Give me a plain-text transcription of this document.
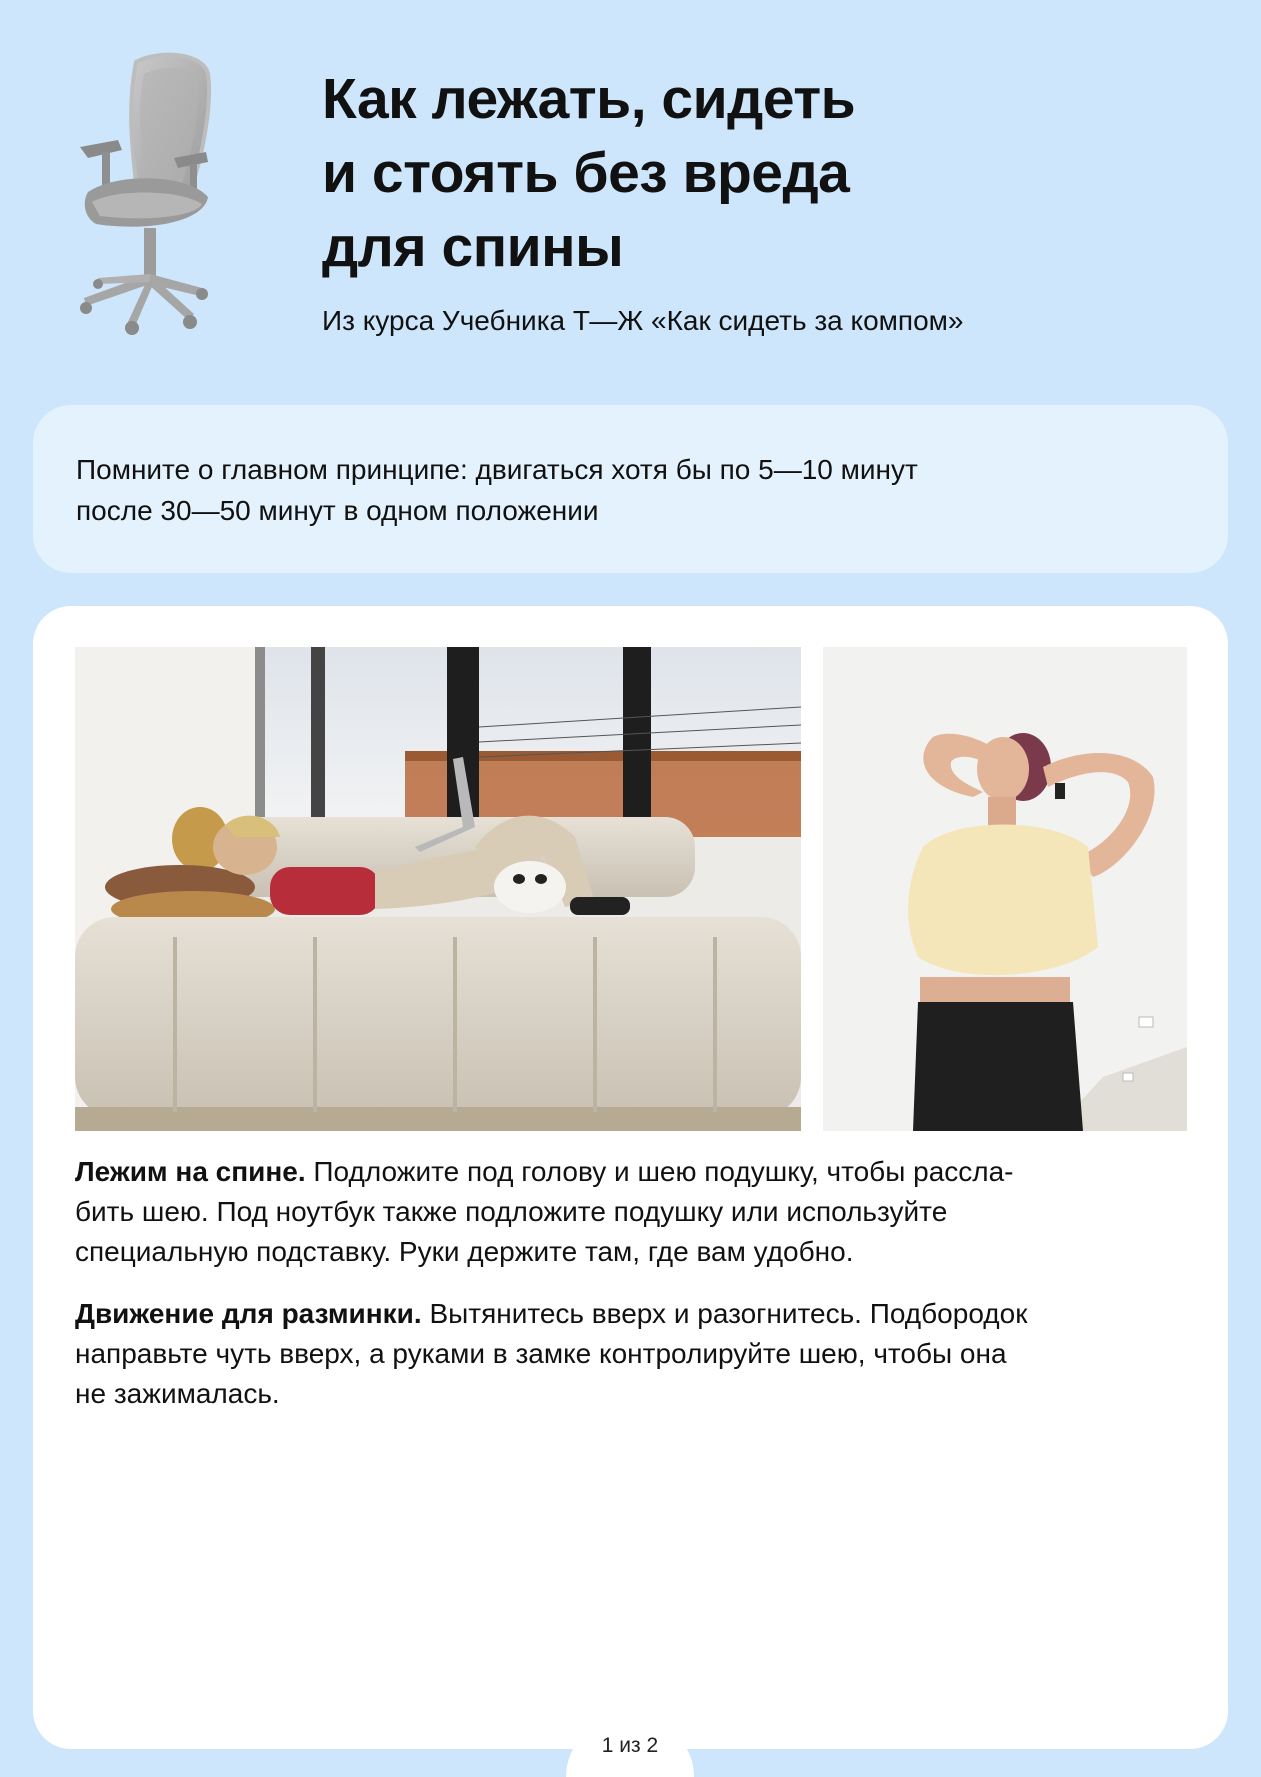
Как лежать, сидеть
и стоять без вреда
для спины

Из курса Учебника Т—Ж «Как сидеть за компом»

Помните о главном принципе: двигаться хотя бы по 5—10 минут
после 30—50 минут в одном положении

Лежим на спине. Подложите под голову и шею подушку, чтобы рассла-
бить шею. Под ноутбук также подложите подушку или используйте
специальную подставку. Руки держите там, где вам удобно.

Движение для разминки. Вытянитесь вверх и разогнитесь. Подбородок
направьте чуть вверх, а руками в замке контролируйте шею, чтобы она
не зажималась.

1 из 2
